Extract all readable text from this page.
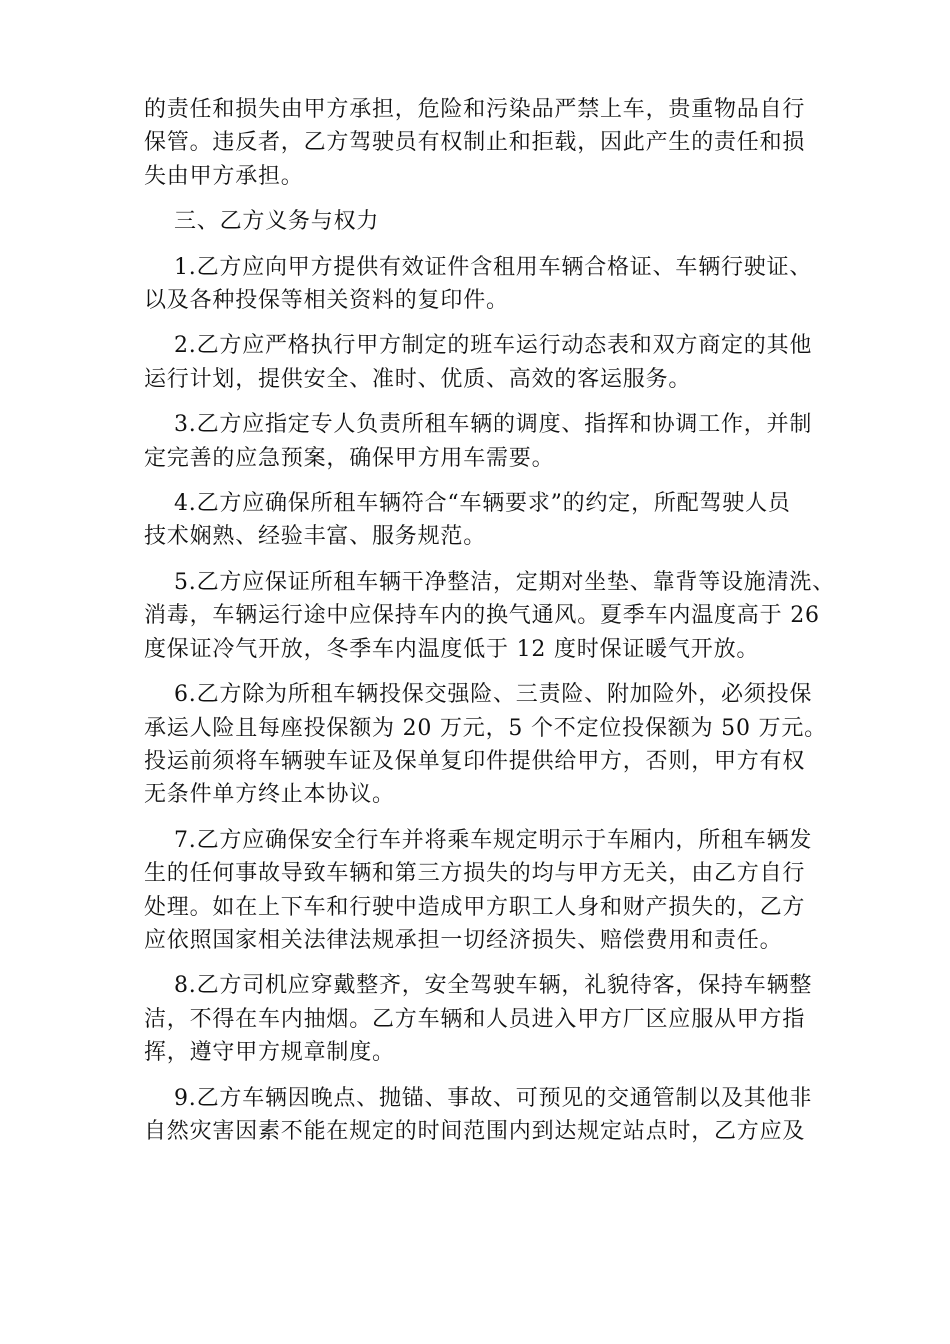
的责任和损失由甲方承担，危险和污染品严禁上车，贵重物品自行
保管。违反者，乙方驾驶员有权制止和拒载，因此产生的责任和损
失由甲方承担。
三、乙方义务与权力
1.乙方应向甲方提供有效证件含租用车辆合格证、车辆行驶证、
以及各种投保等相关资料的复印件。
2.乙方应严格执行甲方制定的班车运行动态表和双方商定的其他
运行计划，提供安全、准时、优质、高效的客运服务。
3.乙方应指定专人负责所租车辆的调度、指挥和协调工作，并制
定完善的应急预案，确保甲方用车需要。
4.乙方应确保所租车辆符合“车辆要求”的约定，所配驾驶人员
技术娴熟、经验丰富、服务规范。
5.乙方应保证所租车辆干净整洁，定期对坐垫、靠背等设施清洗、
消毒，车辆运行途中应保持车内的换气通风。夏季车内温度高于 26
度保证冷气开放，冬季车内温度低于 12 度时保证暖气开放。
6.乙方除为所租车辆投保交强险、三责险、附加险外，必须投保
承运人险且每座投保额为 20 万元，5 个不定位投保额为 50 万元。
投运前须将车辆驶车证及保单复印件提供给甲方，否则，甲方有权
无条件单方终止本协议。
7.乙方应确保安全行车并将乘车规定明示于车厢内，所租车辆发
生的任何事故导致车辆和第三方损失的均与甲方无关，由乙方自行
处理。如在上下车和行驶中造成甲方职工人身和财产损失的，乙方
应依照国家相关法律法规承担一切经济损失、赔偿费用和责任。
8.乙方司机应穿戴整齐，安全驾驶车辆，礼貌待客，保持车辆整
洁，不得在车内抽烟。乙方车辆和人员进入甲方厂区应服从甲方指
挥，遵守甲方规章制度。
9.乙方车辆因晚点、抛锚、事故、可预见的交通管制以及其他非
自然灾害因素不能在规定的时间范围内到达规定站点时，乙方应及
